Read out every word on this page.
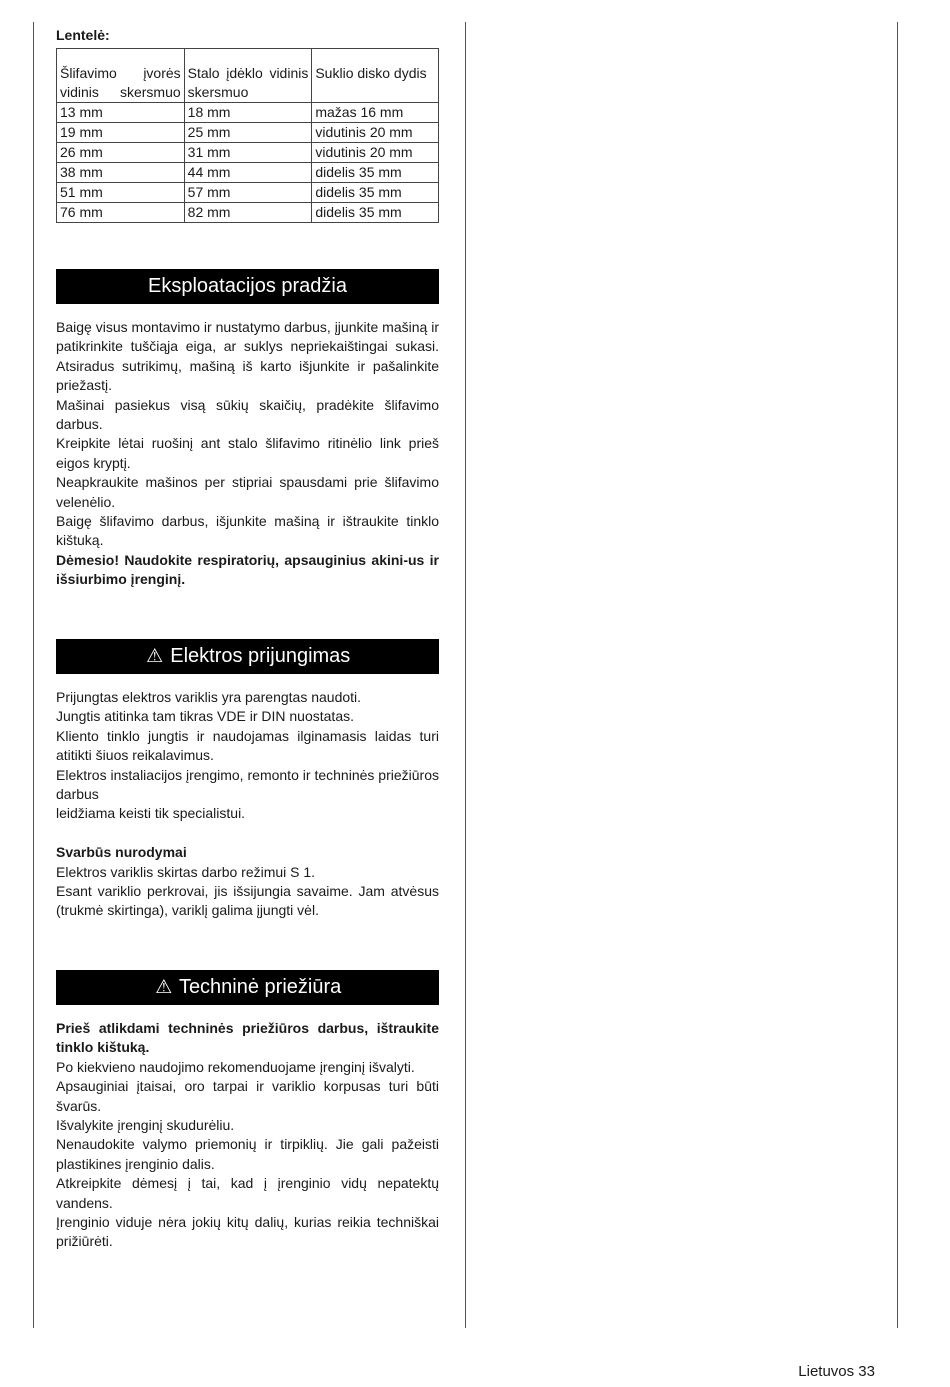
Lentelė:
Šlifavimo įvorės vidinis skersmuo	Stalo įdėklo vidinis skersmuo	Suklio disko dydis
13 mm	18 mm	mažas 16 mm
19 mm	25 mm	vidutinis 20 mm
26 mm	31 mm	vidutinis 20 mm
38 mm	44 mm	didelis 35 mm
51 mm	57 mm	didelis 35 mm
76 mm	82 mm	didelis 35 mm
Eksploatacijos pradžia

Baigę visus montavimo ir nustatymo darbus, įjunkite mašiną ir patikrinkite tuščiąja eiga, ar suklys nepriekaištingai sukasi. Atsiradus sutrikimų, mašiną iš karto išjunkite ir pašalinkite priežastį.

Mašinai pasiekus visą sūkių skaičių, pradėkite šlifavimo darbus.

Kreipkite lėtai ruošinį ant stalo šlifavimo ritinėlio link prieš eigos kryptį.

Neapkraukite mašinos per stipriai spausdami prie šlifavimo velenėlio.

Baigę šlifavimo darbus, išjunkite mašiną ir ištraukite tinklo kištuką.

Dėmesio! Naudokite respiratorių, apsauginius akini-us ir išsiurbimo įrenginį.

⚠ Elektros prijungimas

Prijungtas elektros variklis yra parengtas naudoti.

Jungtis atitinka tam tikras VDE ir DIN nuostatas.

Kliento tinklo jungtis ir naudojamas ilginamasis laidas turi atitikti šiuos reikalavimus.

Elektros instaliacijos įrengimo, remonto ir techninės priežiūros darbus

leidžiama keisti tik specialistui.

Svarbūs nurodymai

Elektros variklis skirtas darbo režimui S 1.

Esant variklio perkrovai, jis išsijungia savaime. Jam atvėsus (trukmė skirtinga), variklį galima įjungti vėl.

⚠ Techninė priežiūra

Prieš atlikdami techninės priežiūros darbus, ištraukite tinklo kištuką.

Po kiekvieno naudojimo rekomenduojame įrenginį išvalyti.

Apsauginiai įtaisai, oro tarpai ir variklio korpusas turi būti švarūs.

Išvalykite įrenginį skudurėliu.

Nenaudokite valymo priemonių ir tirpiklių. Jie gali pažeisti plastikines įrenginio dalis.

Atkreipkite dėmesį į tai, kad į įrenginio vidų nepatektų vandens.

Įrenginio viduje nėra jokių kitų dalių, kurias reikia techniškai prižiūrėti.

Lietuvos 33
